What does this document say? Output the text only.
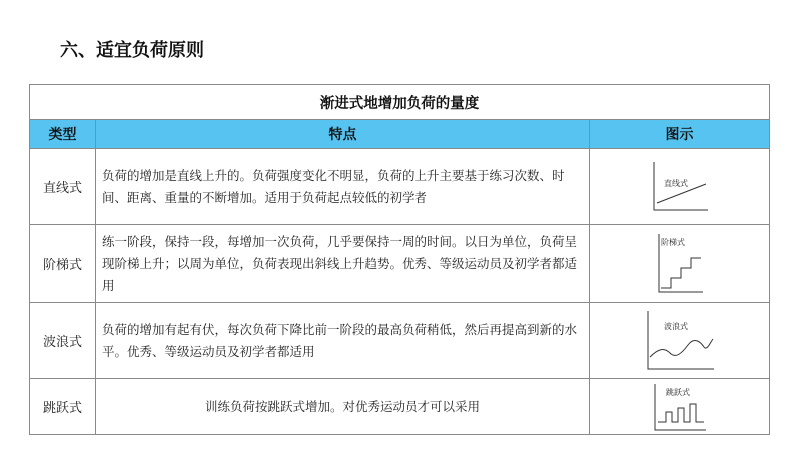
六、适宜负荷原则
渐进式地增加负荷的量度		
类型	特点	图示
直线式	负荷的增加是直线上升的。负荷强度变化不明显，负荷的上升主要基于练习次数、时间、距离、重量的不断增加。适用于负荷起点较低的初学者	直线式

阶梯式	练一阶段，保持一段，每增加一次负荷，几乎要保持一周的时间。以日为单位，负荷呈现阶梯上升；以周为单位，负荷表现出斜线上升趋势。优秀、等级运动员及初学者都适用	阶梯式

波浪式	负荷的增加有起有伏，每次负荷下降比前一阶段的最高负荷稍低，然后再提高到新的水平。优秀、等级运动员及初学者都适用	波浪式

跳跃式	训练负荷按跳跃式增加。对优秀运动员才可以采用	跳跃式
